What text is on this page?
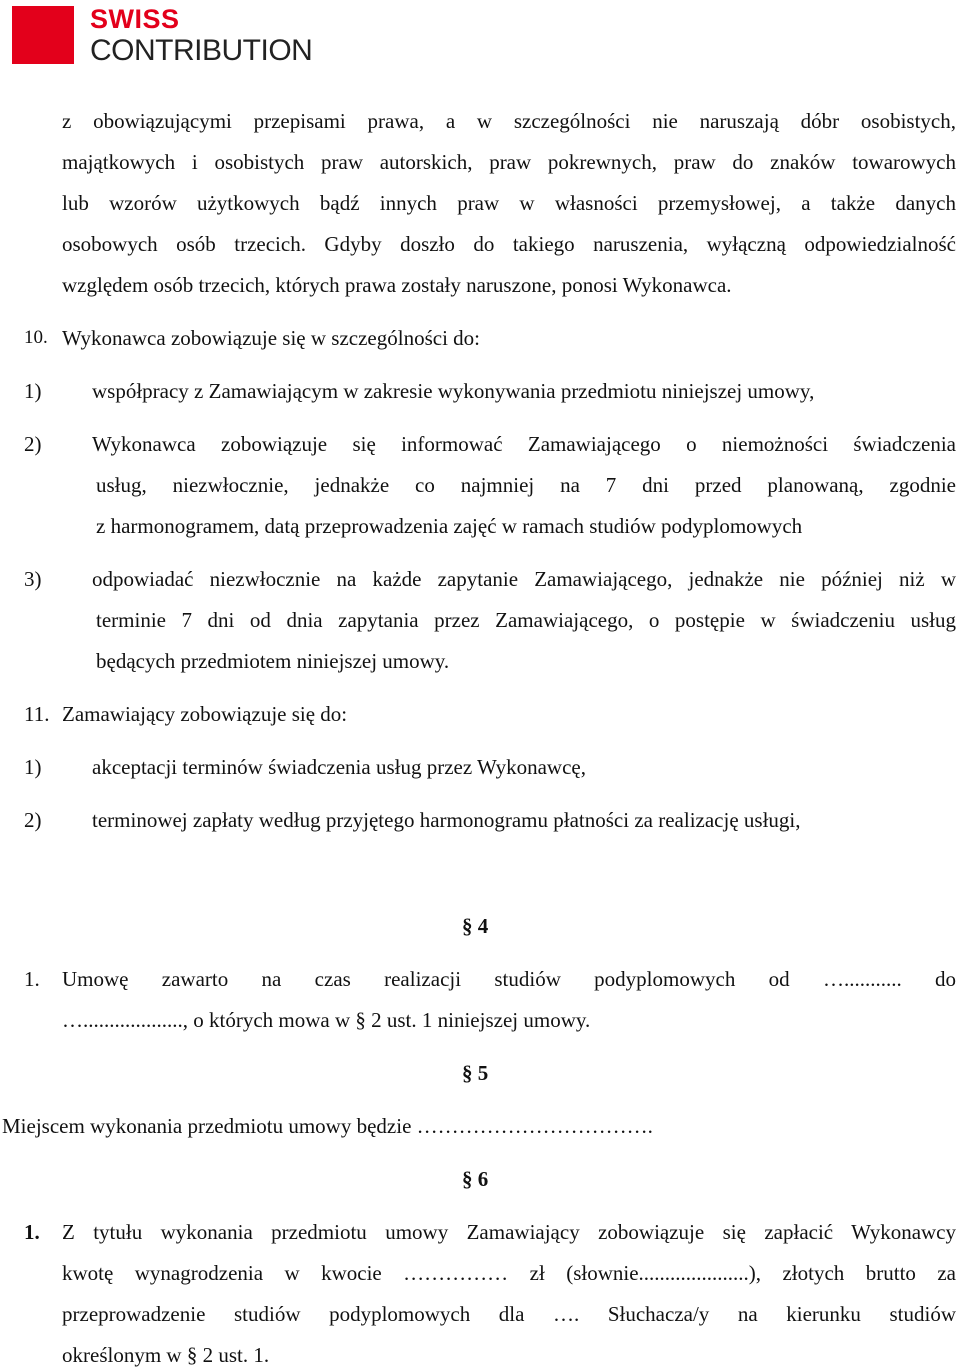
SWISS
CONTRIBUTION
z obowiązującymi przepisami prawa, a w szczególności nie naruszają dóbr osobistych,
majątkowych i osobistych praw autorskich, praw pokrewnych, praw do znaków towarowych
lub wzorów użytkowych bądź innych praw w własności przemysłowej, a także danych
osobowych osób trzecich. Gdyby doszło do takiego naruszenia, wyłączną odpowiedzialność
względem osób trzecich, których prawa zostały naruszone, ponosi Wykonawca.
10. Wykonawca zobowiązuje się w szczególności do:
1) współpracy z Zamawiającym w zakresie wykonywania przedmiotu niniejszej umowy,
2) Wykonawca zobowiązuje się informować Zamawiającego o niemożności świadczenia
usług, niezwłocznie, jednakże co najmniej na 7 dni przed planowaną, zgodnie
z harmonogramem, datą przeprowadzenia zajęć w ramach studiów podyplomowych
3) odpowiadać niezwłocznie na każde zapytanie Zamawiającego, jednakże nie później niż w
terminie 7 dni od dnia zapytania przez Zamawiającego, o postępie w świadczeniu usług
będących przedmiotem niniejszej umowy.
11. Zamawiający zobowiązuje się do:
1) akceptacji terminów świadczenia usług przez Wykonawcę,
2) terminowej zapłaty według przyjętego harmonogramu płatności za realizację usługi,
§ 4
1. Umowę zawarto na czas realizacji studiów podyplomowych od …........... do
…..................., o których mowa w § 2 ust. 1 niniejszej umowy.
§ 5
Miejscem wykonania przedmiotu umowy będzie …………………………….
§ 6
1. Z tytułu wykonania przedmiotu umowy Zamawiający zobowiązuje się zapłacić Wykonawcy
kwotę wynagrodzenia w kwocie …………… zł (słownie.....................), złotych brutto za
przeprowadzenie studiów podyplomowych dla …. Słuchacza/y na kierunku studiów
określonym w § 2 ust. 1.
